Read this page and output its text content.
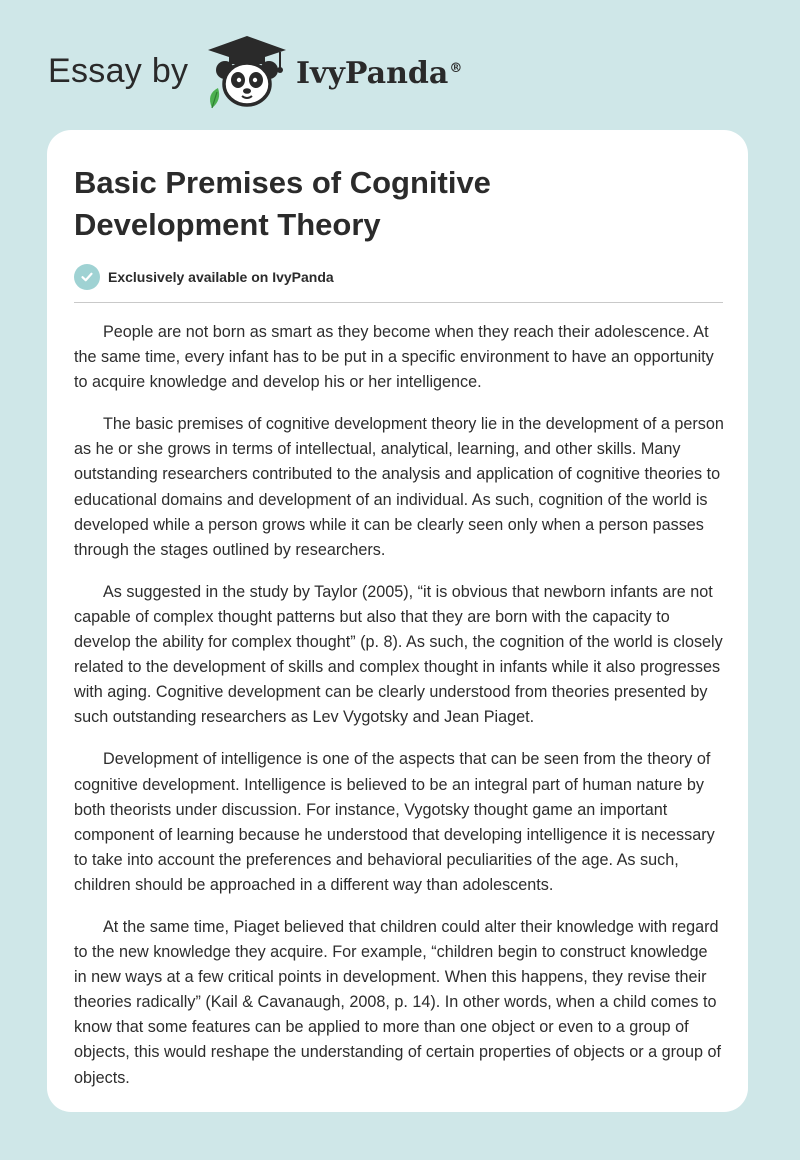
Essay by	IvyPanda®
Basic Premises of Cognitive Development Theory
Exclusively available on IvyPanda

People are not born as smart as they become when they reach their adolescence. At the same time, every infant has to be put in a specific environment to have an opportunity to acquire knowledge and develop his or her intelligence.

The basic premises of cognitive development theory lie in the development of a person as he or she grows in terms of intellectual, analytical, learning, and other skills. Many outstanding researchers contributed to the analysis and application of cognitive theories to educational domains and development of an individual. As such, cognition of the world is developed while a person grows while it can be clearly seen only when a person passes through the stages outlined by researchers.

As suggested in the study by Taylor (2005), “it is obvious that newborn infants are not capable of complex thought patterns but also that they are born with the capacity to develop the ability for complex thought” (p. 8). As such, the cognition of the world is closely related to the development of skills and complex thought in infants while it also progresses with aging. Cognitive development can be clearly understood from theories presented by such outstanding researchers as Lev Vygotsky and Jean Piaget.

Development of intelligence is one of the aspects that can be seen from the theory of cognitive development. Intelligence is believed to be an integral part of human nature by both theorists under discussion. For instance, Vygotsky thought game an important component of learning because he understood that developing intelligence it is necessary to take into account the preferences and behavioral peculiarities of the age. As such, children should be approached in a different way than adolescents.

At the same time, Piaget believed that children could alter their knowledge with regard to the new knowledge they acquire. For example, “children begin to construct knowledge in new ways at a few critical points in development. When this happens, they revise their theories radically” (Kail & Cavanaugh, 2008, p. 14). In other words, when a child comes to know that some features can be applied to more than one object or even to a group of objects, this would reshape the understanding of certain properties of objects or a group of objects.
